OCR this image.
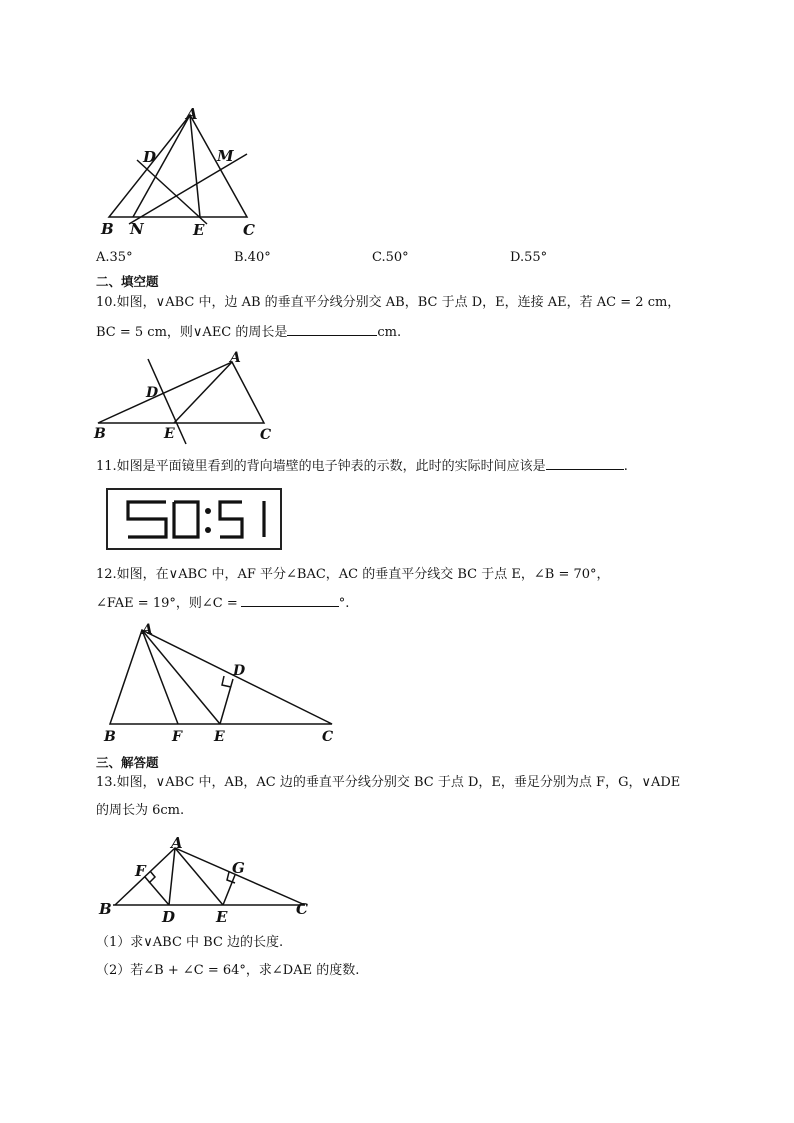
A
D	M
B N	E	C
A.35°	B.40°	C.50°	D.55°
二、填空题
10.如图，∨ABC 中，边 AB 的垂直平分线分别交 AB，BC 于点 D，E，连接 AE，若 AC = 2 cm，
BC = 5 cm，则∨AEC 的周长是	cm.
A
D
B	E	C
11.如图是平面镜里看到的背向墙壁的电子钟表的示数，此时的实际时间应该是	.
12.如图，在∨ABC 中，AF 平分∠BAC，AC 的垂直平分线交 BC 于点 E，∠B = 70°，
∠FAE = 19°，则∠C =	°.
A
D
B	F E	C
三、解答题
13.如图，∨ABC 中，AB，AC 边的垂直平分线分别交 BC 于点 D，E，垂足分别为点 F，G，∨ADE
的周长为 6cm.
A
F	G
B	D	E	C
（1）求∨ABC 中 BC 边的长度.
（2）若∠B + ∠C = 64°，求∠DAE 的度数.
